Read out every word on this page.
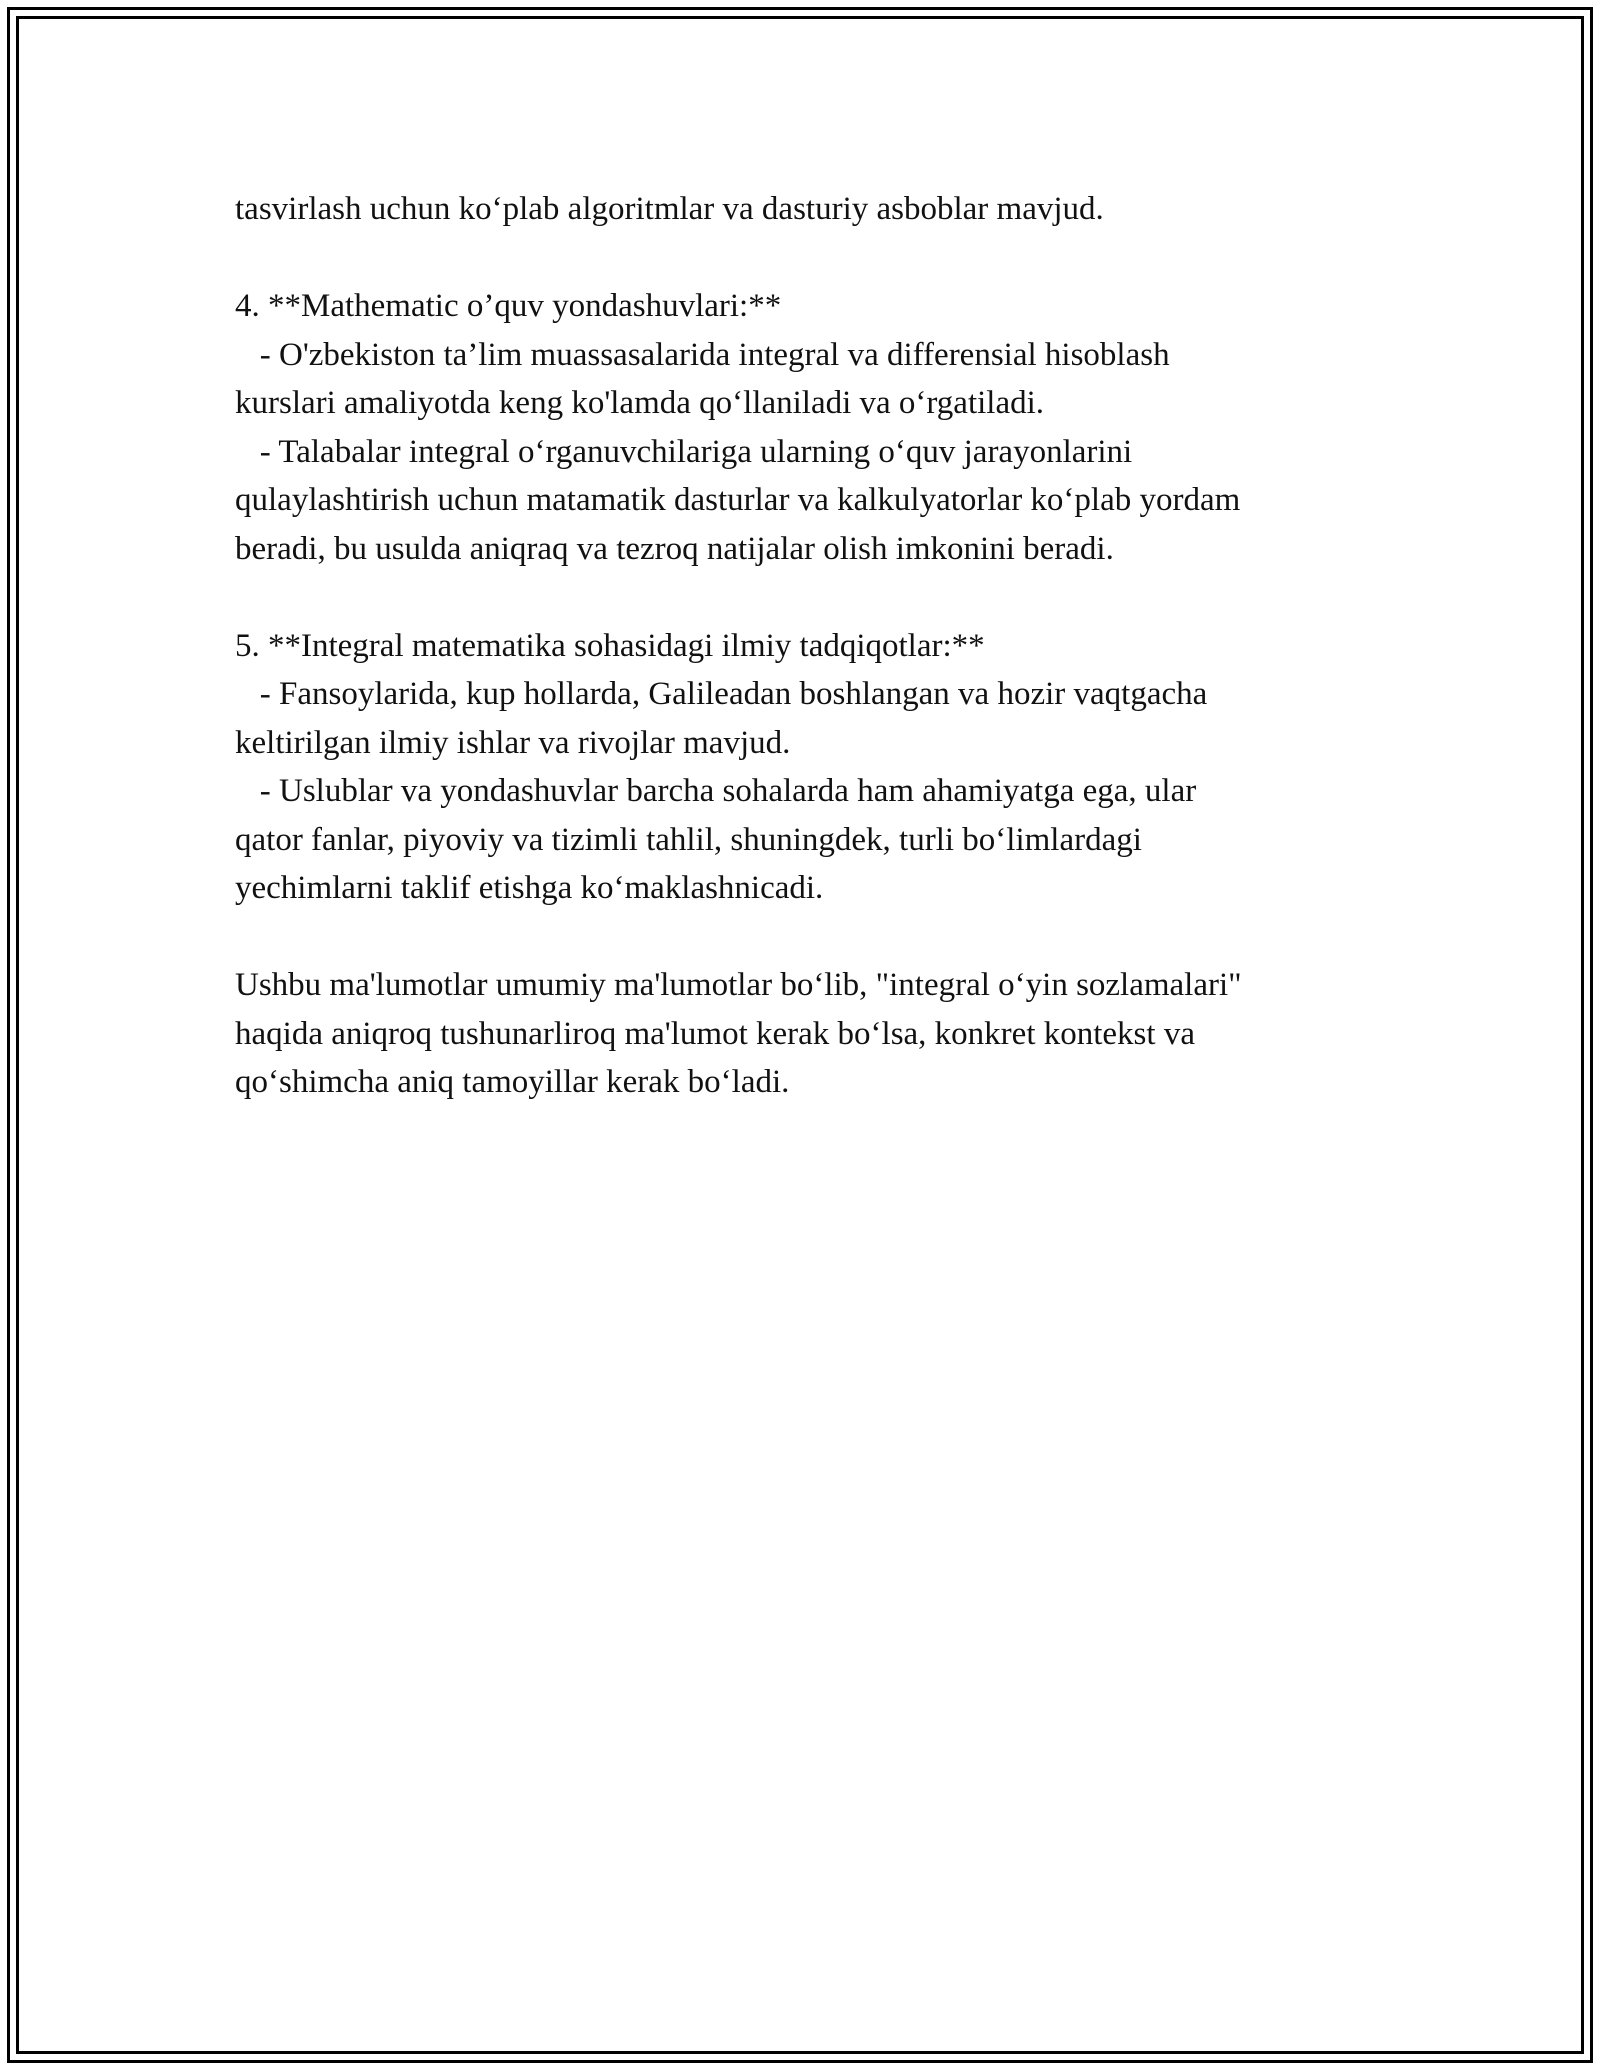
tasvirlash uchun ko‘plab algoritmlar va dasturiy asboblar mavjud.

4. **Mathematic o’quv yondashuvlari:**

- O'zbekiston ta’lim muassasalarida integral va differensial hisoblash
kurslari amaliyotda keng ko'lamda qo‘llaniladi va o‘rgatiladi.

- Talabalar integral o‘rganuvchilariga ularning o‘quv jarayonlarini
qulaylashtirish uchun matamatik dasturlar va kalkulyatorlar ko‘plab yordam
beradi, bu usulda aniqraq va tezroq natijalar olish imkonini beradi.

5. **Integral matematika sohasidagi ilmiy tadqiqotlar:**

- Fansoylarida, kup hollarda, Galileadan boshlangan va hozir vaqtgacha
keltirilgan ilmiy ishlar va rivojlar mavjud.

- Uslublar va yondashuvlar barcha sohalarda ham ahamiyatga ega, ular
qator fanlar, piyoviy va tizimli tahlil, shuningdek, turli bo‘limlardagi
yechimlarni taklif etishga ko‘maklashnicadi.

Ushbu ma'lumotlar umumiy ma'lumotlar bo‘lib, "integral o‘yin sozlamalari"
haqida aniqroq tushunarliroq ma'lumot kerak bo‘lsa, konkret kontekst va
qo‘shimcha aniq tamoyillar kerak bo‘ladi.
